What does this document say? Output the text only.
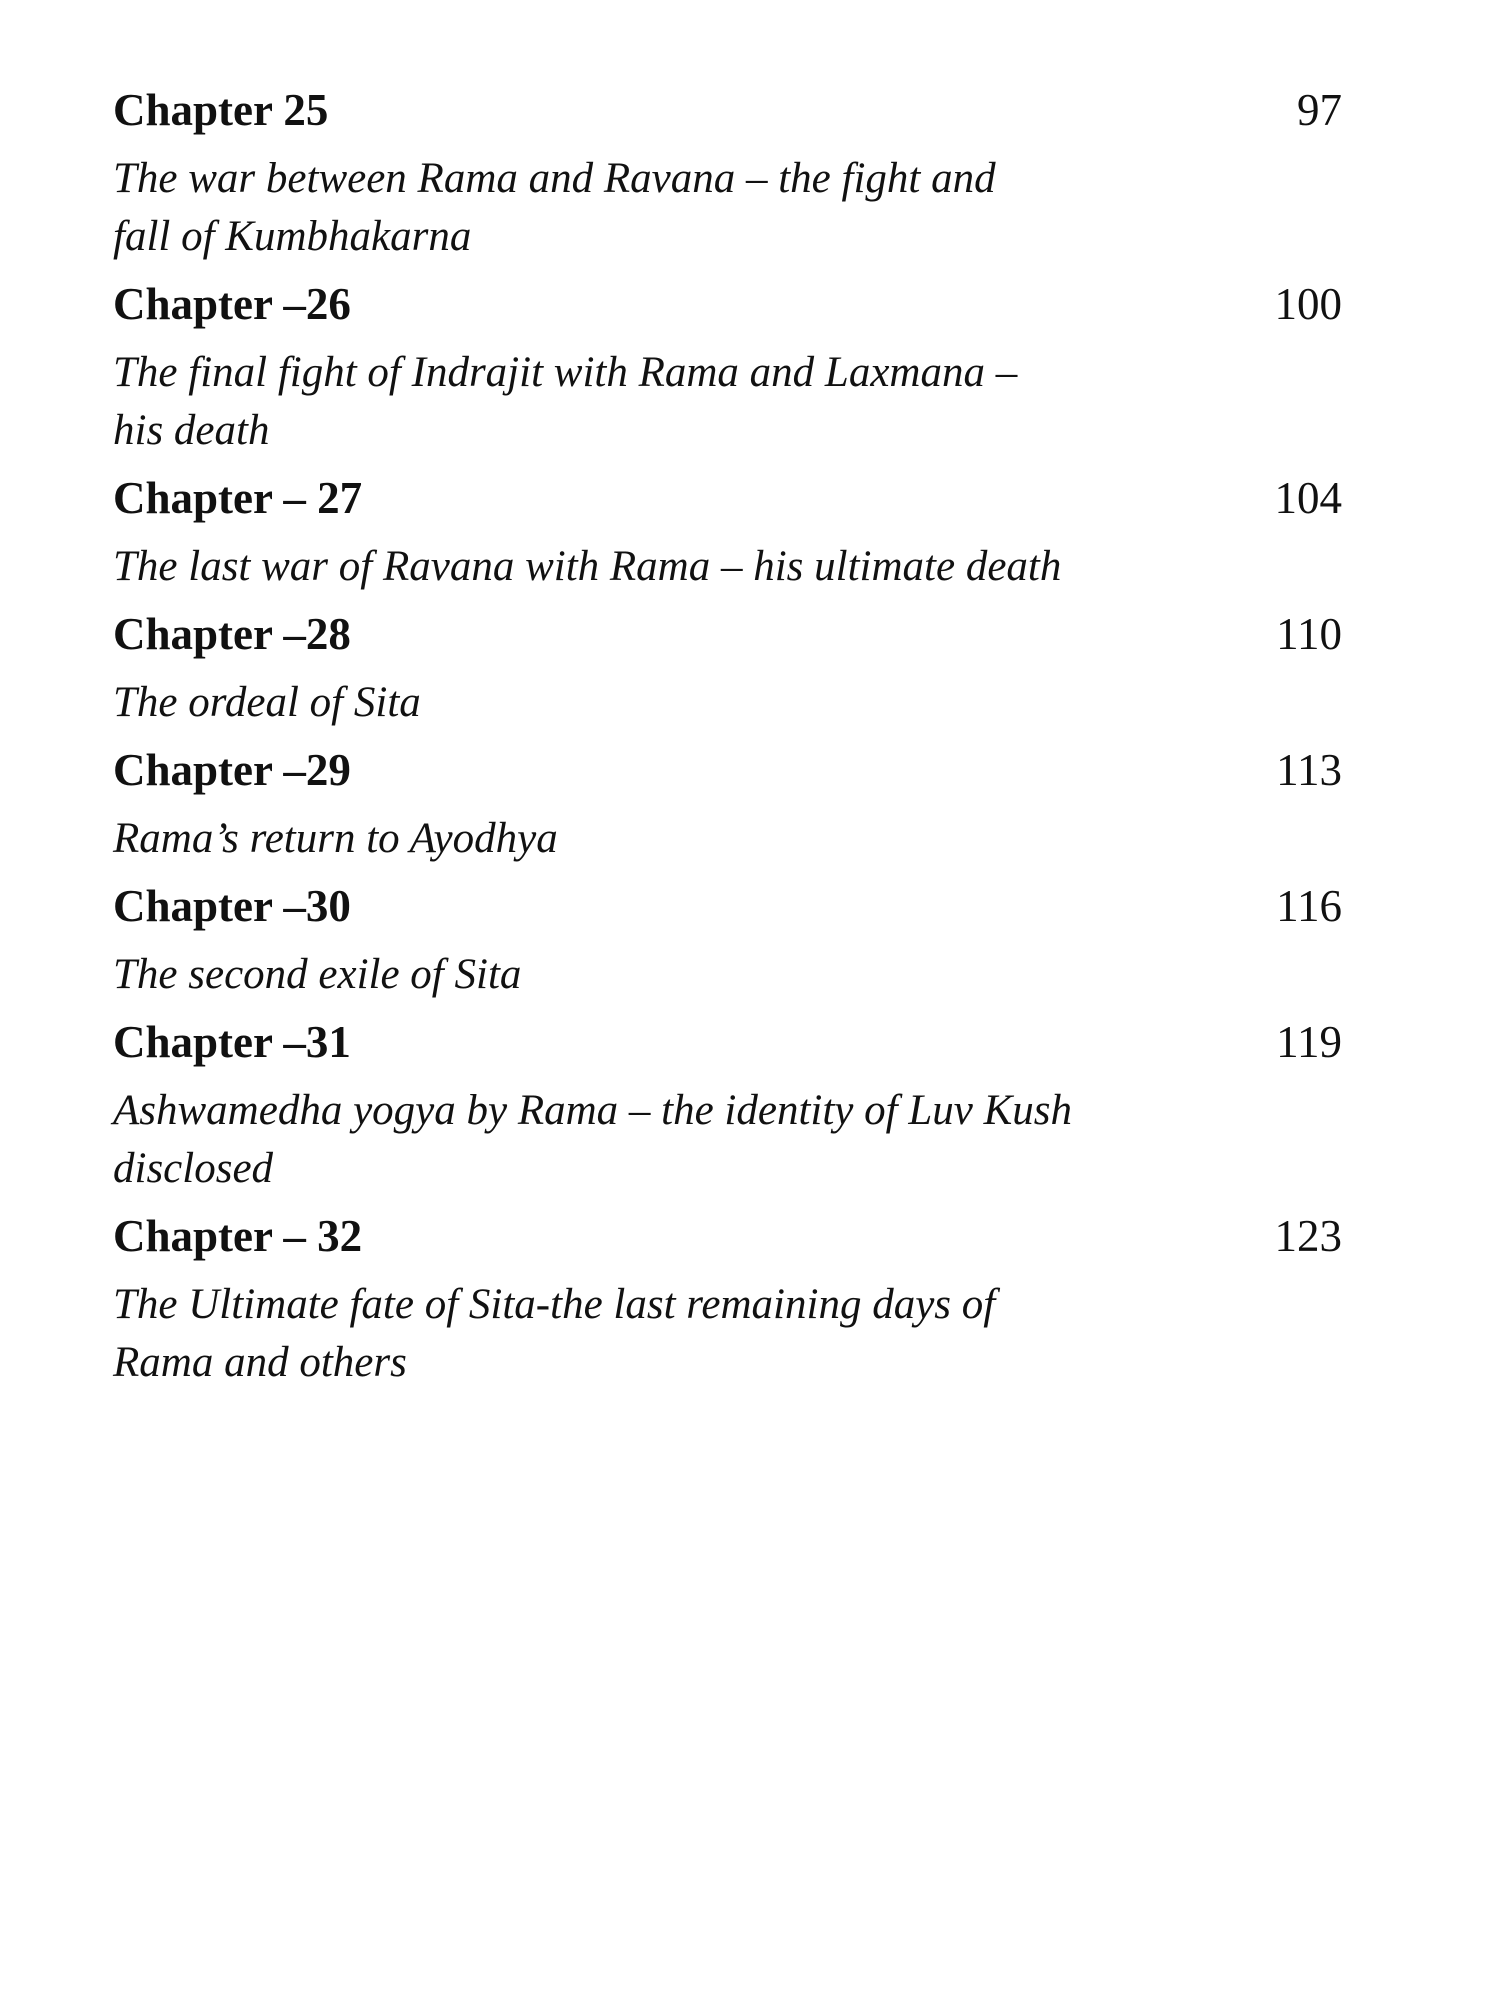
Chapter 25	97
The war between Rama and Ravana – the fight and
fall of Kumbhakarna
Chapter –26	100
The final fight of Indrajit with Rama and Laxmana –
his death
Chapter – 27	104
The last war of Ravana with Rama – his ultimate death
Chapter –28	110
The ordeal of Sita
Chapter –29	113
Rama’s return to Ayodhya
Chapter –30	116
The second exile of Sita
Chapter –31	119
Ashwamedha yogya by Rama – the identity of Luv Kush
disclosed
Chapter – 32	123
The Ultimate fate of Sita-the last remaining days of
Rama and others
